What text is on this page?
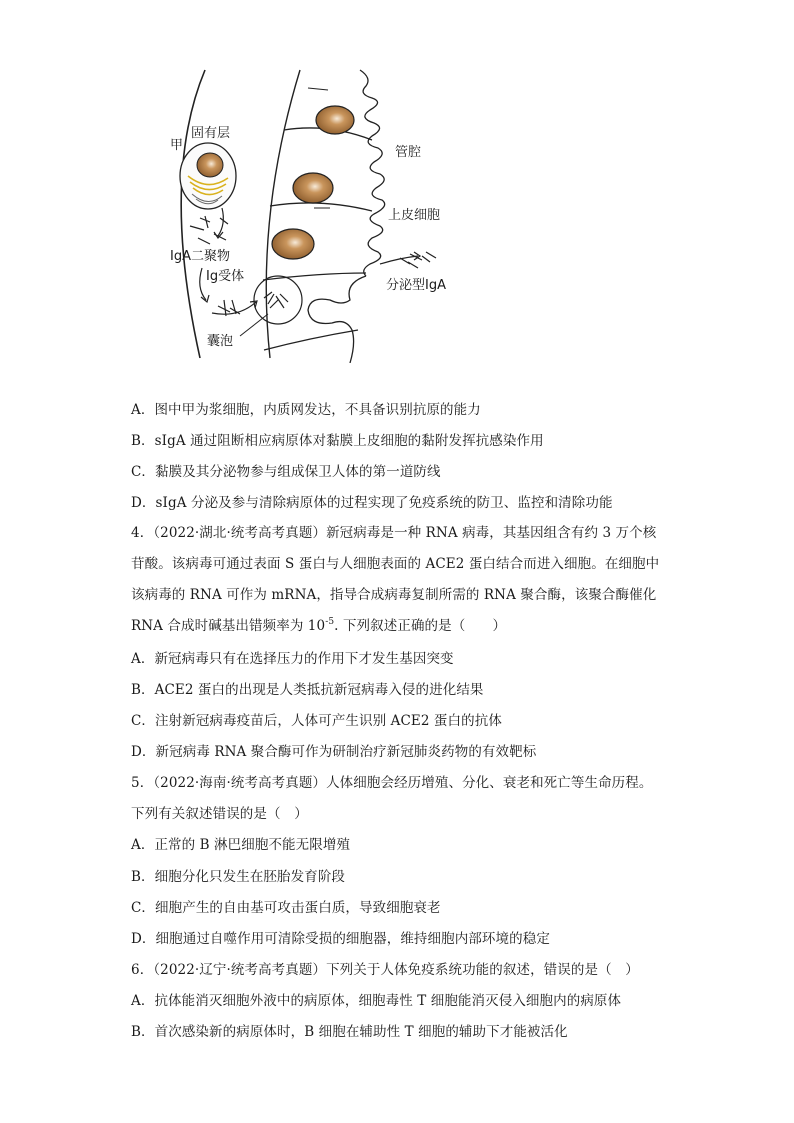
甲
固有层
管腔
上皮细胞
IgA二聚物
Ig受体
分泌型IgA
囊泡
A．图中甲为浆细胞，内质网发达，不具备识别抗原的能力
B．sIgA 通过阻断相应病原体对黏膜上皮细胞的黏附发挥抗感染作用
C．黏膜及其分泌物参与组成保卫人体的第一道防线
D．sIgA 分泌及参与清除病原体的过程实现了免疫系统的防卫、监控和清除功能
4．（2022·湖北·统考高考真题）新冠病毒是一种 RNA 病毒，其基因组含有约 3 万个核
苷酸。该病毒可通过表面 S 蛋白与人细胞表面的 ACE2 蛋白结合而进入细胞。在细胞中
该病毒的 RNA 可作为 mRNA，指导合成病毒复制所需的 RNA 聚合酶，该聚合酶催化
RNA 合成时碱基出错频率为 $10^{-5}$. 下列叙述正确的是（　　）
A．新冠病毒只有在选择压力的作用下才发生基因突变
B．ACE2 蛋白的出现是人类抵抗新冠病毒入侵的进化结果
C．注射新冠病毒疫苗后，人体可产生识别 ACE2 蛋白的抗体
D．新冠病毒 RNA 聚合酶可作为研制治疗新冠肺炎药物的有效靶标
5．（2022·海南·统考高考真题）人体细胞会经历增殖、分化、衰老和死亡等生命历程。
下列有关叙述错误的是（　）
A．正常的 B 淋巴细胞不能无限增殖
B．细胞分化只发生在胚胎发育阶段
C．细胞产生的自由基可攻击蛋白质，导致细胞衰老
D．细胞通过自噬作用可清除受损的细胞器，维持细胞内部环境的稳定
6．（2022·辽宁·统考高考真题）下列关于人体免疫系统功能的叙述，错误的是（　）
A．抗体能消灭细胞外液中的病原体，细胞毒性 T 细胞能消灭侵入细胞内的病原体
B．首次感染新的病原体时，B 细胞在辅助性 T 细胞的辅助下才能被活化
